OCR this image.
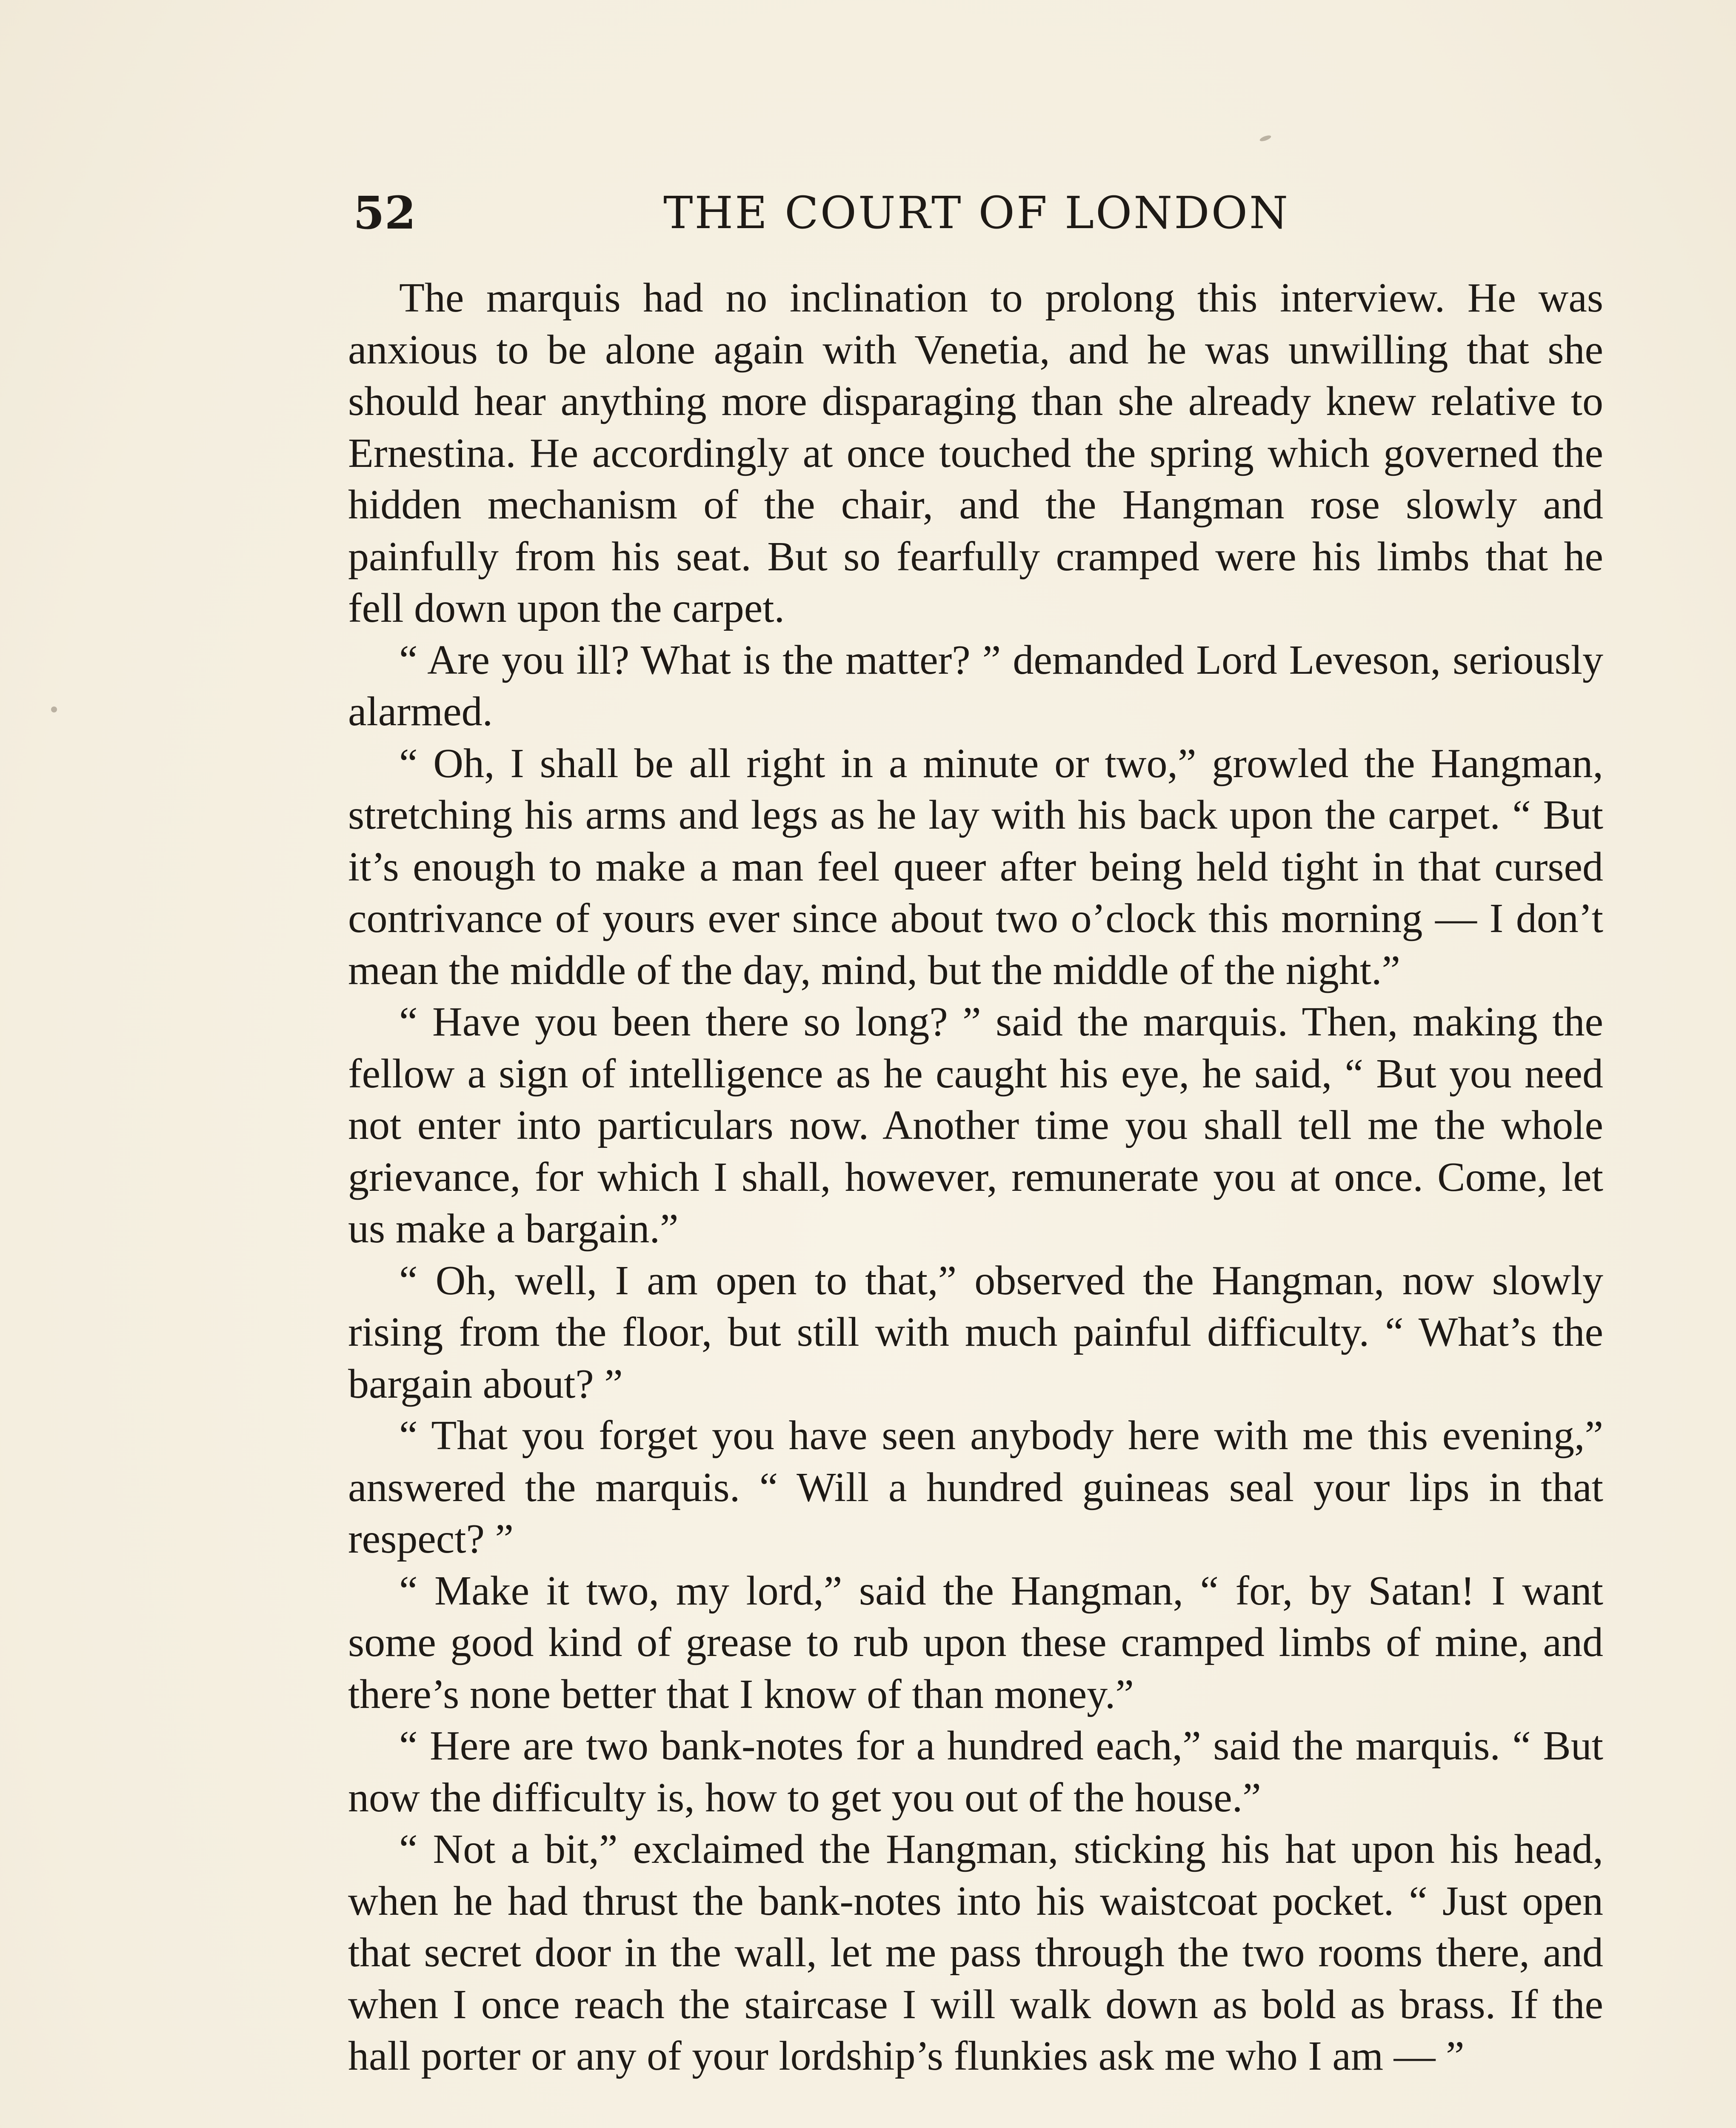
52	THE COURT OF LONDON

The marquis had no inclination to prolong this interview. He was anxious to be alone again with Venetia, and he was unwilling that she should hear anything more disparaging than she already knew relative to Ernestina. He accordingly at once touched the spring which governed the hidden mechanism of the chair, and the Hangman rose slowly and painfully from his seat. But so fearfully cramped were his limbs that he fell down upon the carpet.

“ Are you ill? What is the matter? ” demanded Lord Leveson, seriously alarmed.

“ Oh, I shall be all right in a minute or two,” growled the Hangman, stretching his arms and legs as he lay with his back upon the carpet. “ But it’s enough to make a man feel queer after being held tight in that cursed contrivance of yours ever since about two o’clock this morning — I don’t mean the middle of the day, mind, but the middle of the night.”

“ Have you been there so long? ” said the marquis. Then, making the fellow a sign of intelligence as he caught his eye, he said, “ But you need not enter into particulars now. Another time you shall tell me the whole grievance, for which I shall, however, remunerate you at once. Come, let us make a bargain.”

“ Oh, well, I am open to that,” observed the Hangman, now slowly rising from the floor, but still with much painful difficulty. “ What’s the bargain about? ”

“ That you forget you have seen anybody here with me this evening,” answered the marquis. “ Will a hundred guineas seal your lips in that respect? ”

“ Make it two, my lord,” said the Hangman, “ for, by Satan! I want some good kind of grease to rub upon these cramped limbs of mine, and there’s none better that I know of than money.”

“ Here are two bank-notes for a hundred each,” said the marquis. “ But now the difficulty is, how to get you out of the house.”

“ Not a bit,” exclaimed the Hangman, sticking his hat upon his head, when he had thrust the bank-notes into his waistcoat pocket. “ Just open that secret door in the wall, let me pass through the two rooms there, and when I once reach the staircase I will walk down as bold as brass. If the hall porter or any of your lordship’s flunkies ask me who I am — ”
